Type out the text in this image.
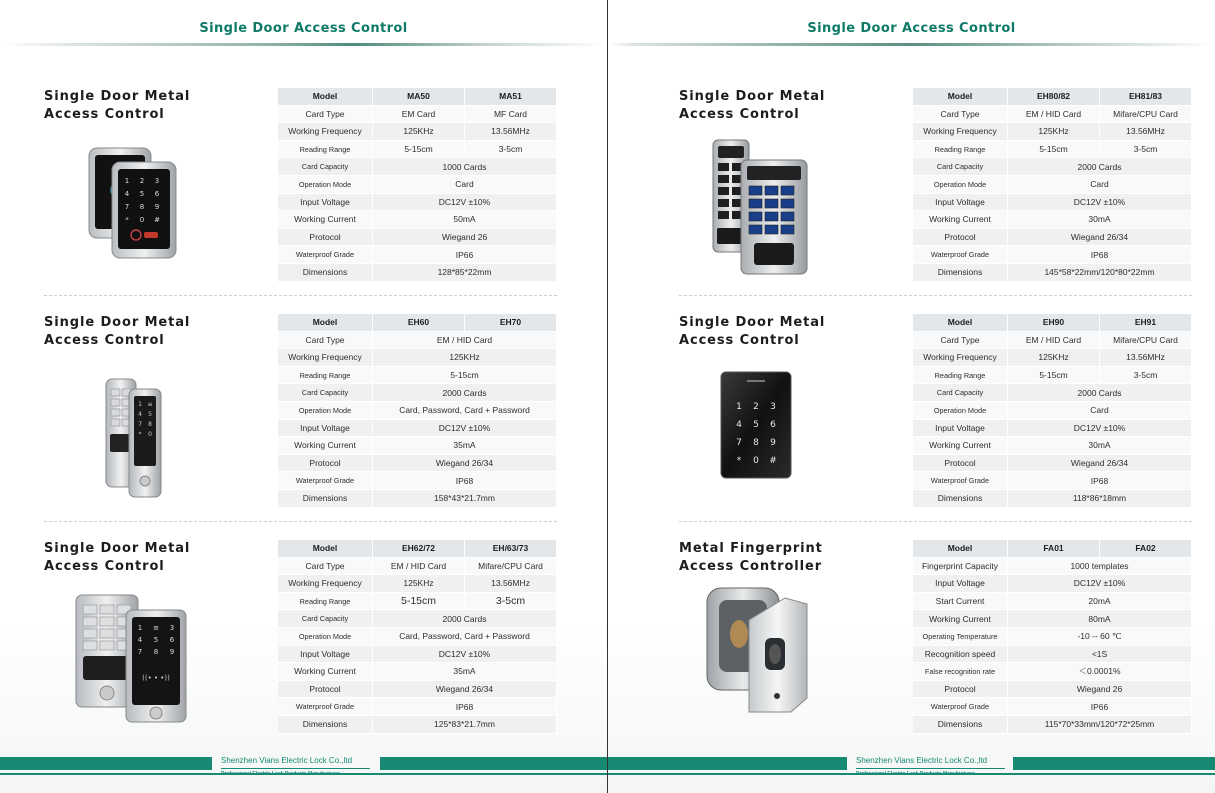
Single Door Access Control
Single Door Metal
Access Control
1 2 3
4 5 6
7 8 9
* 0 #
Model	MA50	MA51
Card Type	EM Card	MF Card
Working Frequency	125KHz	13.56MHz
Reading Range	5-15cm	3-5cm
Card Capacity	1000 Cards	
Operation Mode	Card	
Input Voltage	DC12V ±10%	
Working Current	50mA	
Protocol	Wiegand 26	
Waterproof Grade	IP66	
Dimensions	128*85*22mm	
Single Door Metal
Access Control
1 ≡
4 5
7 8
* 0
Model	EH60	EH70
Card Type	EM / HID Card	
Working Frequency	125KHz	
Reading Range	5-15cm	
Card Capacity	2000 Cards	
Operation Mode	Card, Password, Card + Password	
Input Voltage	DC12V ±10%	
Working Current	35mA	
Protocol	Wiegand 26/34	
Waterproof Grade	IP68	
Dimensions	158*43*21.7mm	
Single Door Metal
Access Control
1 ≡ 3
4 5 6
7 8 9
((• • •))
Model	EH62/72	EH/63/73
Card Type	EM / HID Card	Mifare/CPU Card
Working Frequency	125KHz	13.56MHz
Reading Range	5-15cm	3-5cm
Card Capacity	2000 Cards	
Operation Mode	Card, Password, Card + Password	
Input Voltage	DC12V ±10%	
Working Current	35mA	
Protocol	Wiegand 26/34	
Waterproof Grade	IP68	
Dimensions	125*83*21.7mm	
Shenzhen Vians Electric Lock Co.,ltd
Professional Electric Lock Products Manufacturer
Single Door Access Control
Single Door Metal
Access Control
Model	EH80/82	EH81/83
Card Type	EM / HID Card	Mifare/CPU Card
Working Frequency	125KHz	13.56MHz
Reading Range	5-15cm	3-5cm
Card Capacity	2000 Cards	
Operation Mode	Card	
Input Voltage	DC12V ±10%	
Working Current	30mA	
Protocol	Wiegand 26/34	
Waterproof Grade	IP68	
Dimensions	145*58*22mm/120*80*22mm	
Single Door Metal
Access Control
1 2 3
4 5 6
7 8 9
* 0 #
Model	EH90	EH91
Card Type	EM / HID Card	Mifare/CPU Card
Working Frequency	125KHz	13.56MHz
Reading Range	5-15cm	3-5cm
Card Capacity	2000 Cards	
Operation Mode	Card	
Input Voltage	DC12V ±10%	
Working Current	30mA	
Protocol	Wiegand 26/34	
Waterproof Grade	IP68	
Dimensions	118*86*18mm	
Metal Fingerprint
Access Controller
Model	FA01	FA02
Fingerprint Capacity	1000 templates	
Input Voltage	DC12V ±10%	
Start Current	20mA	
Working Current	80mA	
Operating Temperature	-10 -- 60 ℃	
Recognition speed	<1S	
False recognition rate	＜0.0001%	
Protocol	Wiegand 26	
Waterproof Grade	IP66	
Dimensions	115*70*33mm/120*72*25mm	
Shenzhen Vians Electric Lock Co.,ltd
Professional Electric Lock Products Manufacturer
